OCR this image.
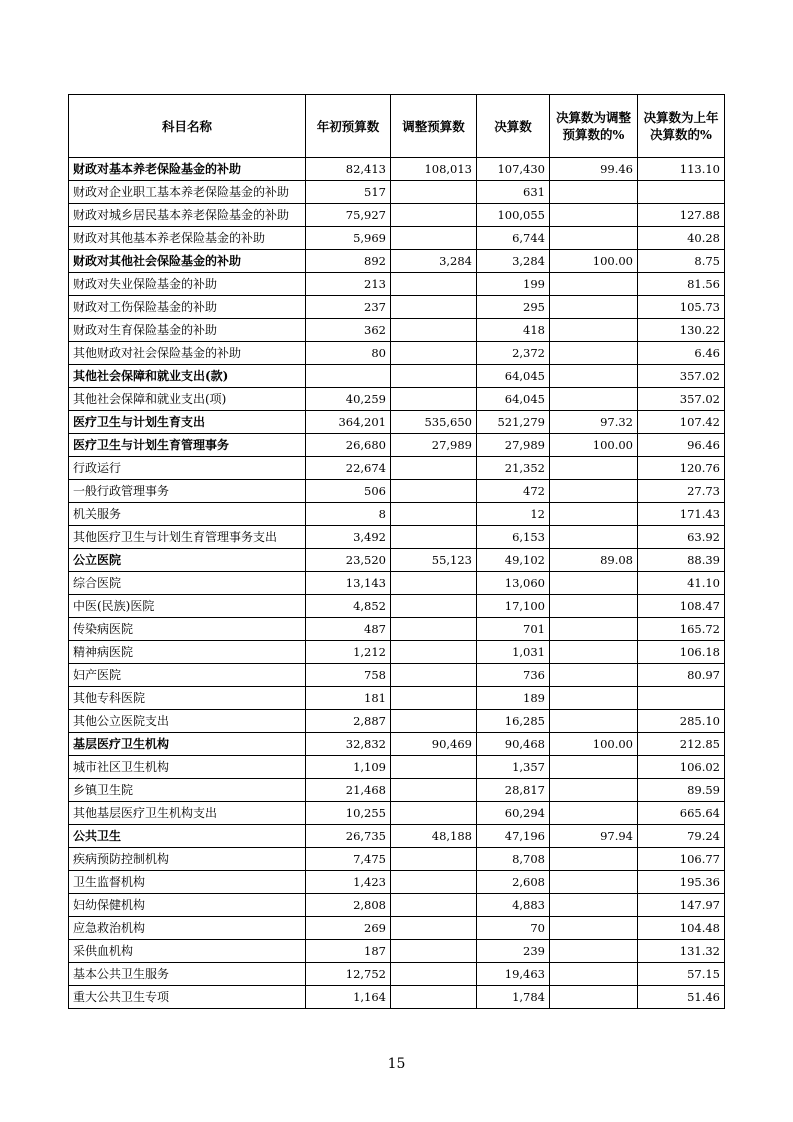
科目名称	年初预算数	调整预算数	决算数	决算数为调整预算数的%	决算数为上年决算数的%
财政对基本养老保险基金的补助	82,413	108,013	107,430	99.46	113.10
财政对企业职工基本养老保险基金的补助	517		631		
财政对城乡居民基本养老保险基金的补助	75,927		100,055		127.88
财政对其他基本养老保险基金的补助	5,969		6,744		40.28
财政对其他社会保险基金的补助	892	3,284	3,284	100.00	8.75
财政对失业保险基金的补助	213		199		81.56
财政对工伤保险基金的补助	237		295		105.73
财政对生育保险基金的补助	362		418		130.22
其他财政对社会保险基金的补助	80		2,372		6.46
其他社会保障和就业支出(款)			64,045		357.02
其他社会保障和就业支出(项)	40,259		64,045		357.02
医疗卫生与计划生育支出	364,201	535,650	521,279	97.32	107.42
医疗卫生与计划生育管理事务	26,680	27,989	27,989	100.00	96.46
行政运行	22,674		21,352		120.76
一般行政管理事务	506		472		27.73
机关服务	8		12		171.43
其他医疗卫生与计划生育管理事务支出	3,492		6,153		63.92
公立医院	23,520	55,123	49,102	89.08	88.39
综合医院	13,143		13,060		41.10
中医(民族)医院	4,852		17,100		108.47
传染病医院	487		701		165.72
精神病医院	1,212		1,031		106.18
妇产医院	758		736		80.97
其他专科医院	181		189		
其他公立医院支出	2,887		16,285		285.10
基层医疗卫生机构	32,832	90,469	90,468	100.00	212.85
城市社区卫生机构	1,109		1,357		106.02
乡镇卫生院	21,468		28,817		89.59
其他基层医疗卫生机构支出	10,255		60,294		665.64
公共卫生	26,735	48,188	47,196	97.94	79.24
疾病预防控制机构	7,475		8,708		106.77
卫生监督机构	1,423		2,608		195.36
妇幼保健机构	2,808		4,883		147.97
应急救治机构	269		70		104.48
采供血机构	187		239		131.32
基本公共卫生服务	12,752		19,463		57.15
重大公共卫生专项	1,164		1,784		51.46
15
